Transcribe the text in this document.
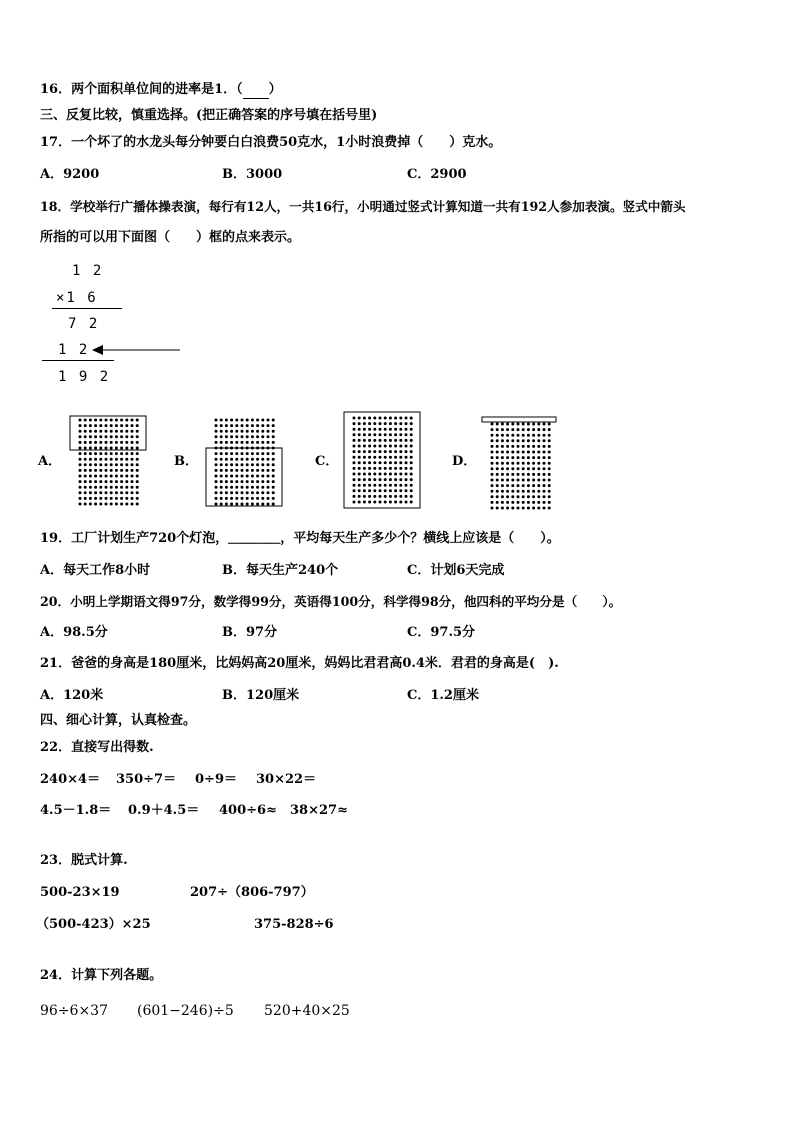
16．两个面积单位间的进率是1．（ ）
三、反复比较，慎重选择。(把正确答案的序号填在括号里)
17．一个坏了的水龙头每分钟要白白浪费50克水，1小时浪费掉（　　）克水。
A．9200	B．3000	C．2900
18．学校举行广播体操表演，每行有12人，一共16行，小明通过竖式计算知道一共有192人参加表演。竖式中箭头
所指的可以用下面图（　　）框的点来表示。
1 2
×1 6
7 2
1 2
1 9 2
A．	B．	C．	D．
19．工厂计划生产720个灯泡，＿＿＿＿，平均每天生产多少个？横线上应该是（　　）。
A．每天工作8小时	B．每天生产240个	C．计划6天完成
20．小明上学期语文得97分，数学得99分，英语得100分，科学得98分，他四科的平均分是（　　）。
A．98.5分	B．97分	C．97.5分
21．爸爸的身高是180厘米，比妈妈高20厘米，妈妈比君君高0.4米．君君的身高是(　).
A．120米	B．120厘米	C．1.2厘米
四、细心计算，认真检查。
22．直接写出得数.
240×4＝ 350÷7＝ 0÷9＝ 30×22＝
4.5－1.8＝ 0.9＋4.5＝ 400÷6≈ 38×27≈
23．脱式计算.
500-23×19	207÷（806-797）
（500-423）×25	375-828÷6
24．计算下列各题。
96÷6×37 (601−246)÷5 520+40×25
